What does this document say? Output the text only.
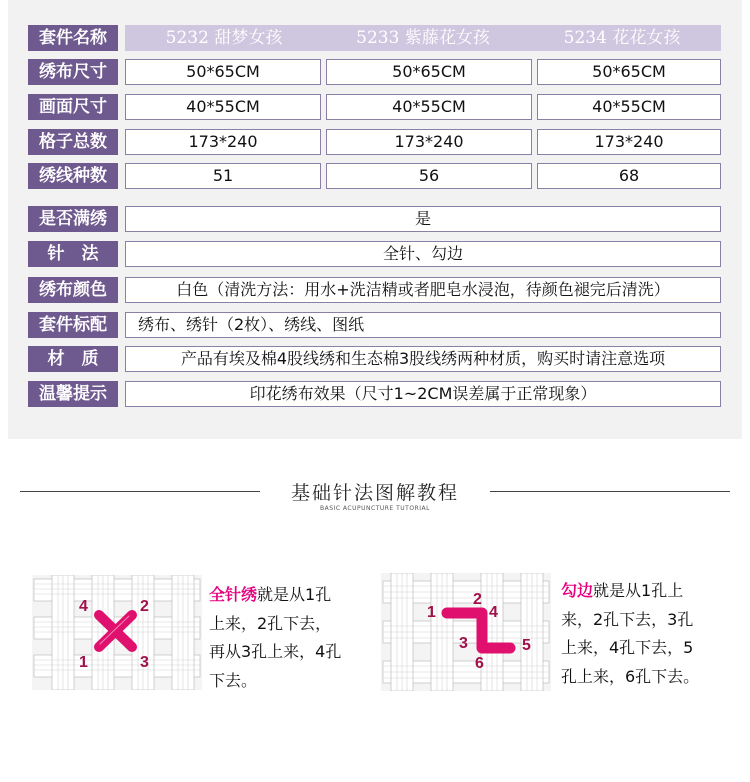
套件名称	5232 甜梦女孩	5233 紫藤花女孩	5234 花花女孩
绣布尺寸	50*65CM	50*65CM	50*65CM
画面尺寸	40*55CM	40*55CM	40*55CM
格子总数	173*240	173*240	173*240
绣线种数	51	56	68
是否满绣	是
针　法	全针、勾边
绣布颜色	白色（清洗方法：用水+洗洁精或者肥皂水浸泡，待颜色褪完后清洗）
套件标配	绣布、绣针（2枚）、绣线、图纸
材　质	产品有埃及棉4股线绣和生态棉3股线绣两种材质，购买时请注意选项
温馨提示	印花绣布效果（尺寸1~2CM误差属于正常现象）
基础针法图解教程
BASIC ACUPUNCTURE TUTORIAL
4	2
1	3
全针绣就是从1孔
上来，2孔下去，
再从3孔上来，4孔
下去。
1
2
3
4
5
6
勾边就是从1孔上
来，2孔下去，3孔
上来，4孔下去，5
孔上来，6孔下去。
